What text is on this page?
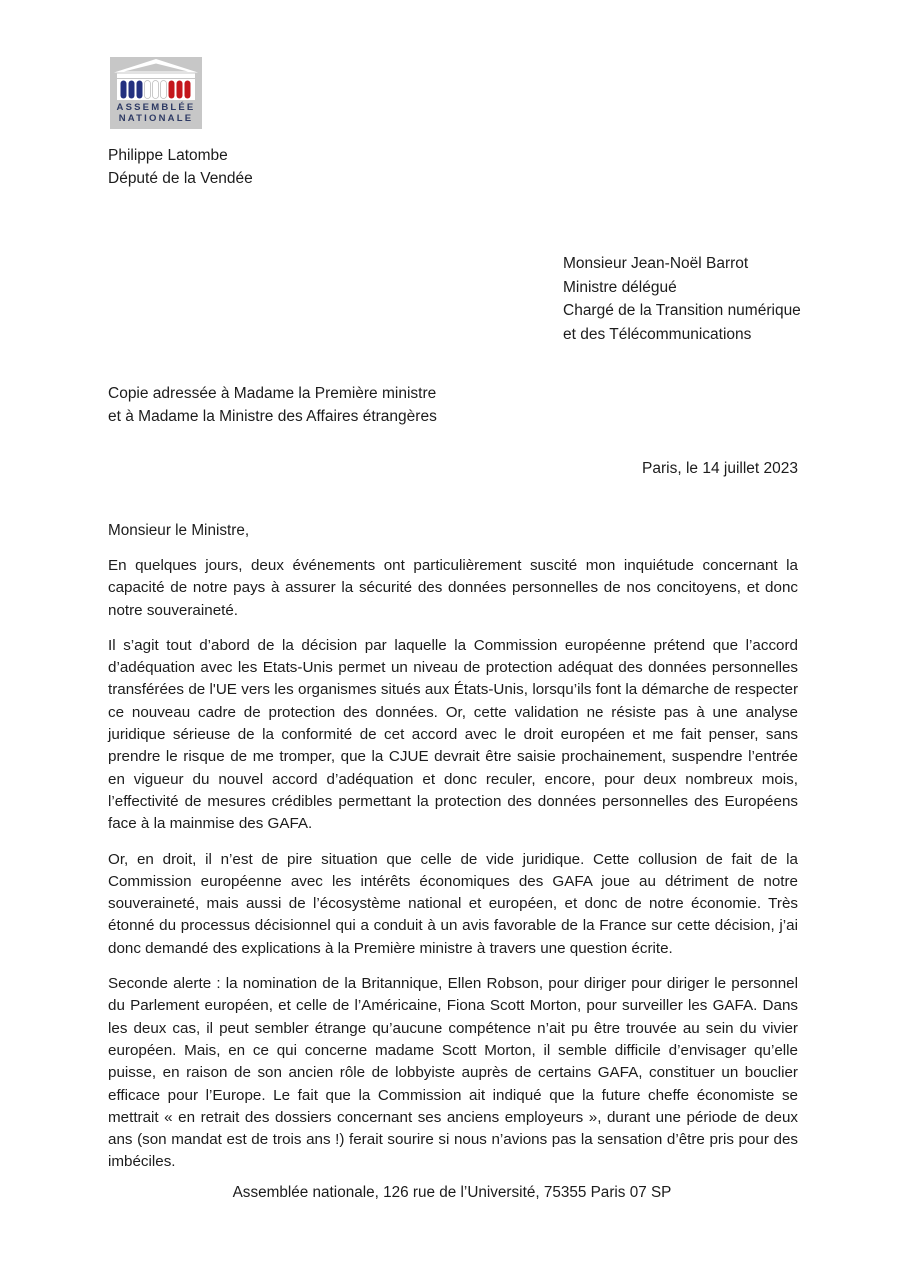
ASSEMBLÉE
NATIONALE
Philippe Latombe
Député de la Vendée
Monsieur Jean-Noël Barrot
Ministre délégué
Chargé de la Transition numérique
et des Télécommunications
Copie adressée à Madame la Première ministre
et à Madame la Ministre des Affaires étrangères

Paris, le 14 juillet 2023

Monsieur le Ministre,

En quelques jours, deux événements ont particulièrement suscité mon inquiétude concernant la capacité de notre pays à assurer la sécurité des données personnelles de nos concitoyens, et donc notre souveraineté.

Il s’agit tout d’abord de la décision par laquelle la Commission européenne prétend que l’accord d’adéquation avec les Etats-Unis permet un niveau de protection adéquat des données personnelles transférées de l'UE vers les organismes situés aux États-Unis, lorsqu’ils font la démarche de respecter ce nouveau cadre de protection des données. Or, cette validation ne résiste pas à une analyse juridique sérieuse de la conformité de cet accord avec le droit européen et me fait penser, sans prendre le risque de me tromper, que la CJUE devrait être saisie prochainement, suspendre l’entrée en vigueur du nouvel accord d’adéquation et donc reculer, encore, pour deux nombreux mois, l’effectivité de mesures crédibles permettant la protection des données personnelles des Européens face à la mainmise des GAFA.

Or, en droit, il n’est de pire situation que celle de vide juridique. Cette collusion de fait de la Commission européenne avec les intérêts économiques des GAFA joue au détriment de notre souveraineté, mais aussi de l’écosystème national et européen, et donc de notre économie. Très étonné du processus décisionnel qui a conduit à un avis favorable de la France sur cette décision, j’ai donc demandé des explications à la Première ministre à travers une question écrite.

Seconde alerte : la nomination de la Britannique, Ellen Robson, pour diriger pour diriger le personnel du Parlement européen, et celle de l’Américaine, Fiona Scott Morton, pour surveiller les GAFA. Dans les deux cas, il peut sembler étrange qu’aucune compétence n’ait pu être trouvée au sein du vivier européen. Mais, en ce qui concerne madame Scott Morton, il semble difficile d’envisager qu’elle puisse, en raison de son ancien rôle de lobbyiste auprès de certains GAFA, constituer un bouclier efficace pour l’Europe. Le fait que la Commission ait indiqué que la future cheffe économiste se mettrait « en retrait des dossiers concernant ses anciens employeurs », durant une période de deux ans (son mandat est de trois ans !) ferait sourire si nous n’avions pas la sensation d’être pris pour des imbéciles.

Assemblée nationale, 126 rue de l’Université, 75355 Paris 07 SP
